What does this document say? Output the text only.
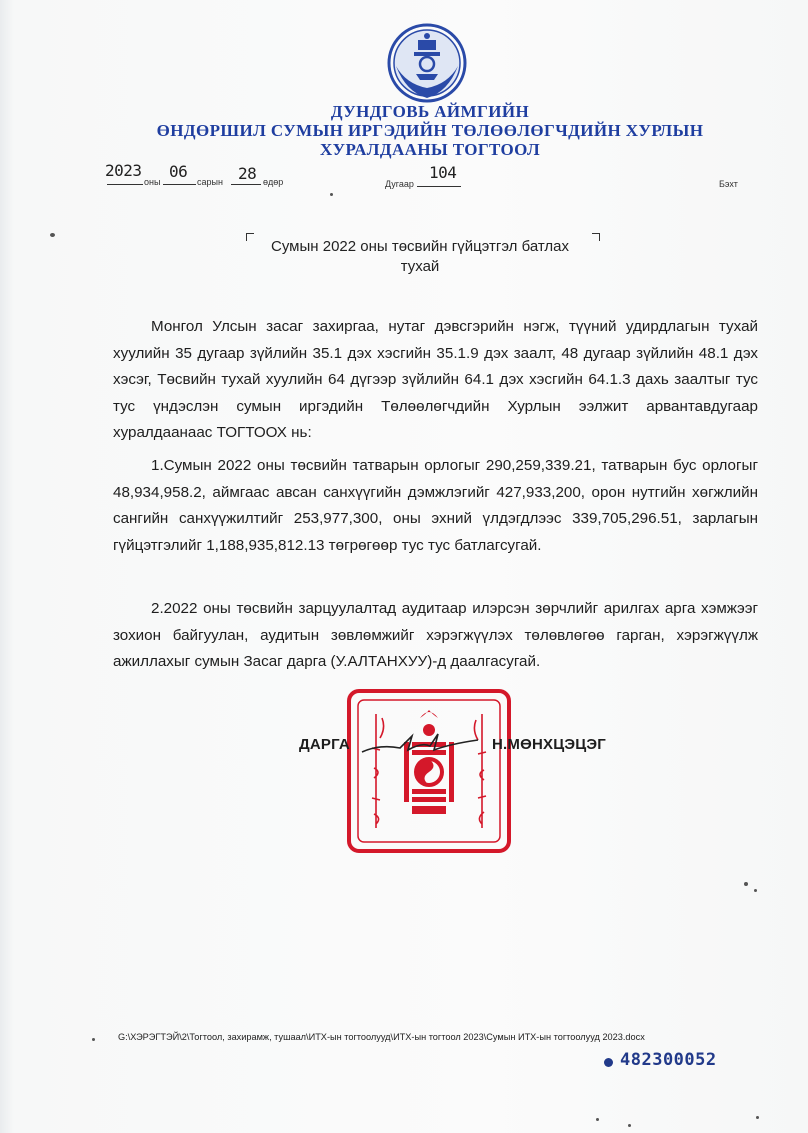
ДУНДГОВЬ АЙМГИЙН
ӨНДӨРШИЛ СУМЫН ИРГЭДИЙН ТӨЛӨӨЛӨГЧДИЙН ХУРЛЫН
ХУРАЛДААНЫ ТОГТООЛ
2023
оны
06
сарын 28 өдөр	Дугаар
104
Бэхт
Сумын 2022 оны төсвийн гүйцэтгэл батлах
тухай

Монгол Улсын засаг захиргаа, нутаг дэвсгэрийн нэгж, түүний удирдлагын тухай хуулийн 35 дугаар зүйлийн 35.1 дэх хэсгийн 35.1.9 дэх заалт, 48 дугаар зүйлийн 48.1 дэх хэсэг, Төсвийн тухай хуулийн 64 дүгээр зүйлийн 64.1 дэх хэсгийн 64.1.3 дахь заалтыг тус тус үндэслэн сумын иргэдийн Төлөөлөгчдийн Хурлын ээлжит арвантавдугаар хуралдаанаас ТОГТООХ нь:

1.Сумын 2022 оны төсвийн татварын орлогыг 290,259,339.21, татварын бус орлогыг 48,934,958.2, аймгаас авсан санхүүгийн дэмжлэгийг 427,933,200, орон нутгийн хөгжлийн сангийн санхүүжилтийг 253,977,300, оны эхний үлдэгдлээс 339,705,296.51, зарлагын гүйцэтгэлийг 1,188,935,812.13 төгрөгөөр тус тус батлагсугай.

2.2022 оны төсвийн зарцуулалтад аудитаар илэрсэн зөрчлийг арилгах арга хэмжээг зохион байгуулан, аудитын зөвлөмжийг хэрэгжүүлэх төлөвлөгөө гарган, хэрэгжүүлж ажиллахыг сумын Засаг дарга (У.АЛТАНХУУ)-д даалгасугай.

ДАРГА	Н.МӨНХЦЭЦЭГ
G:\ХЭРЭГТЭЙ\2\Тогтоол, захирамж, тушаал\ИТХ-ын тогтоолууд\ИТХ-ын тогтоол 2023\Сумын ИТХ-ын тогтоолууд 2023.docx
482300052
